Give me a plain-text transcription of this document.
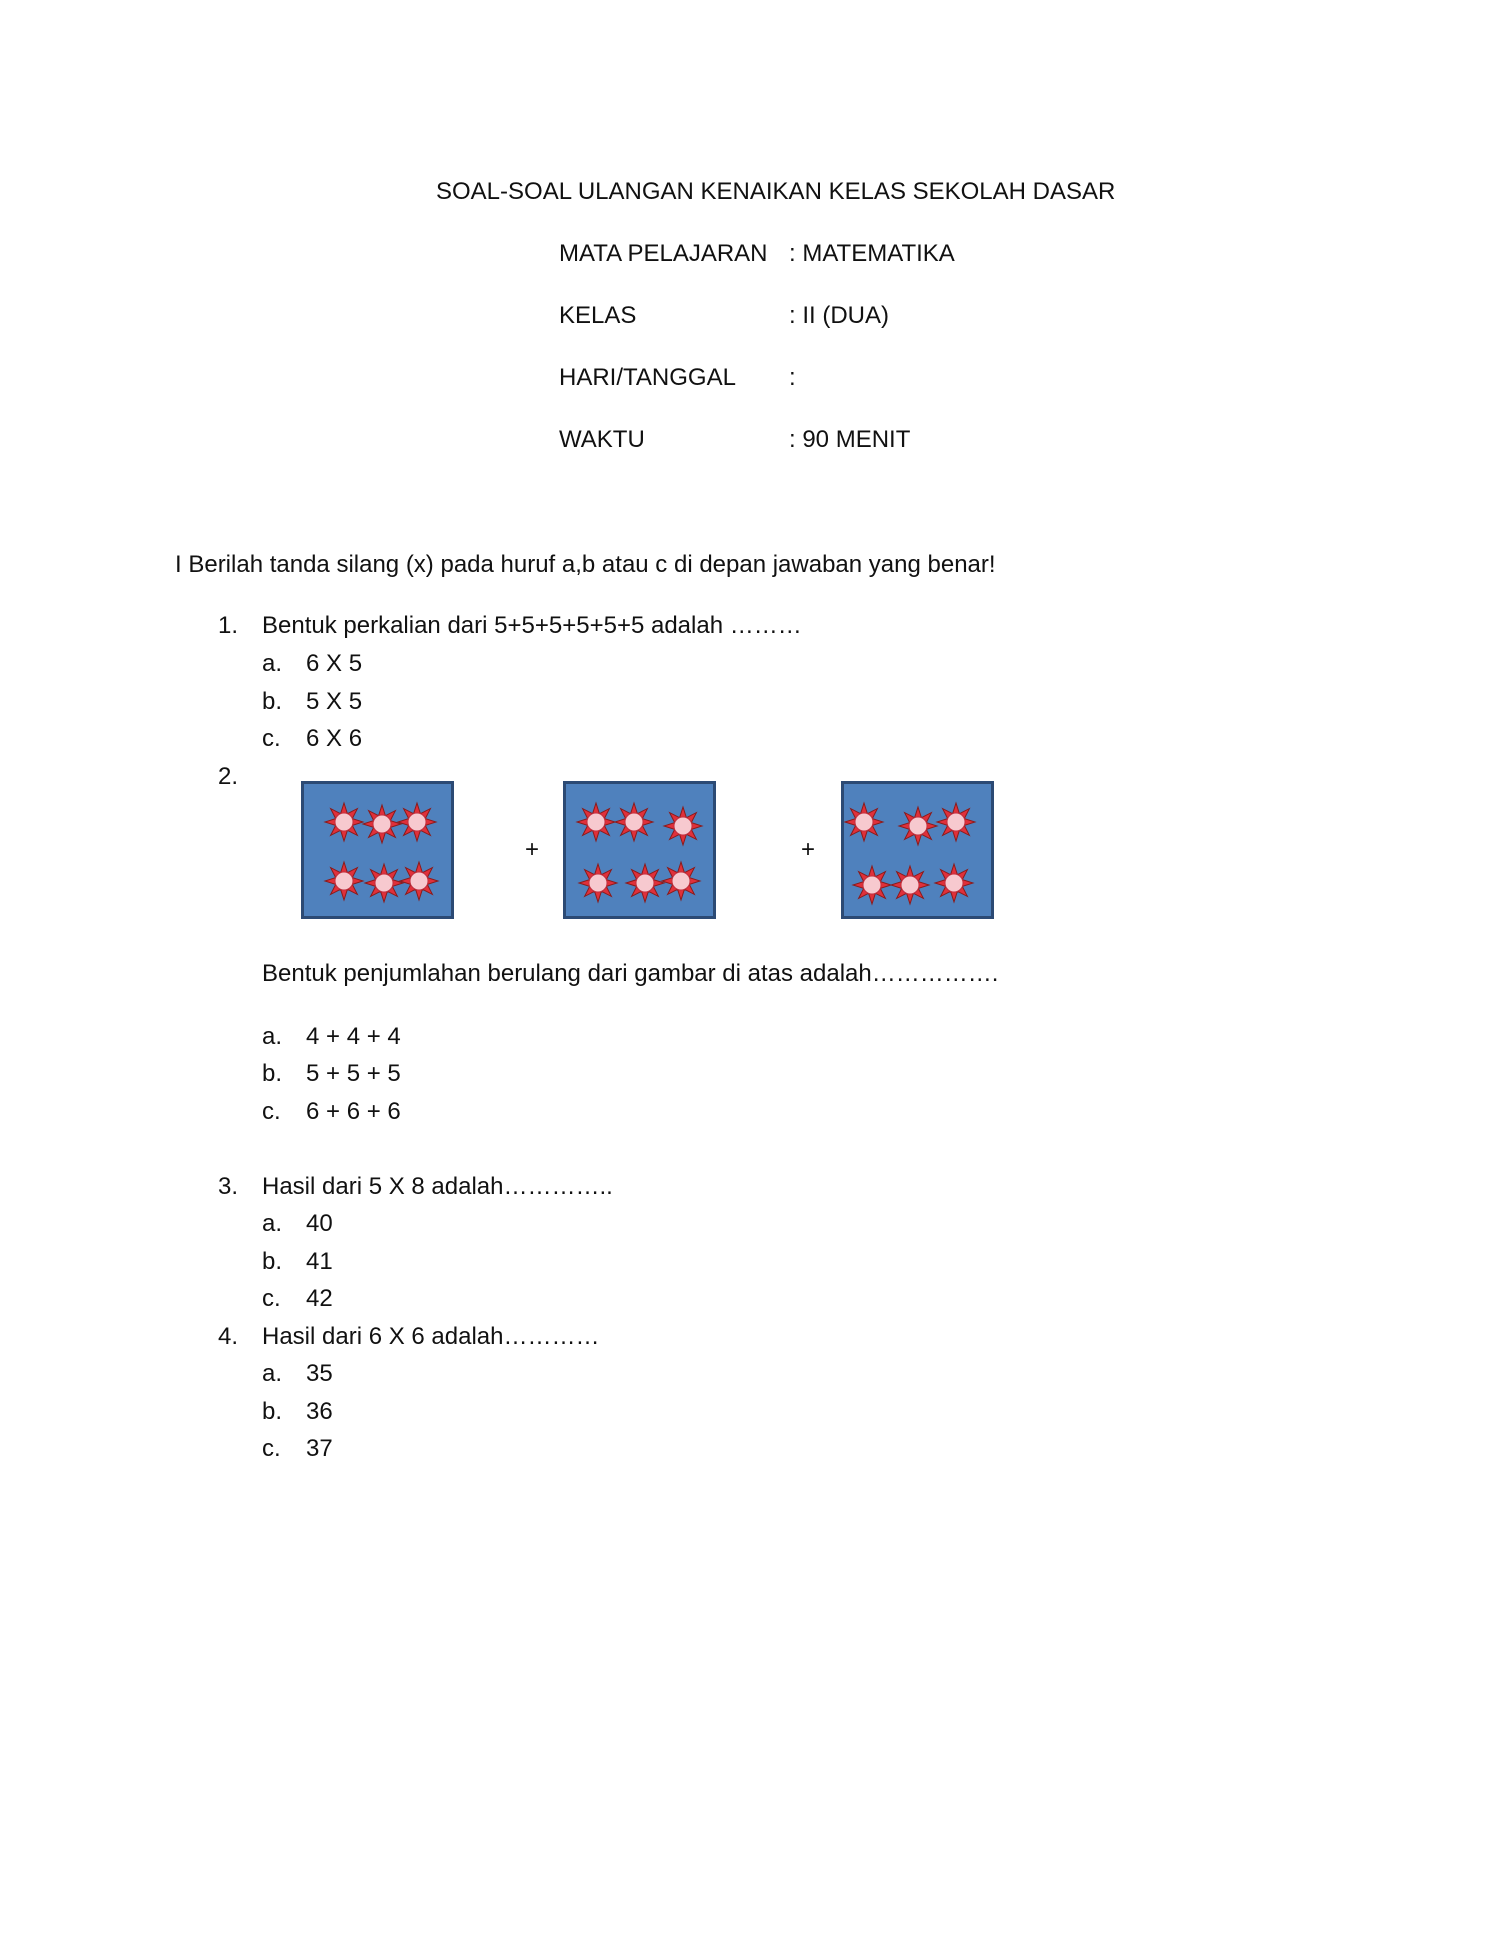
SOAL-SOAL ULANGAN KENAIKAN KELAS SEKOLAH DASAR
MATA PELAJARAN : MATEMATIKA
KELAS	: II (DUA)
HARI/TANGGAL :
WAKTU	: 90 MENIT
I Berilah tanda silang (x) pada huruf a,b atau c di depan jawaban yang benar!
1. Bentuk perkalian dari 5+5+5+5+5+5 adalah ………
a. 6 X 5
b. 5 X 5
c. 6 X 6
2.
+	+
Bentuk penjumlahan berulang dari gambar di atas adalah…………….
a. 4 + 4 + 4
b. 5 + 5 + 5
c. 6 + 6 + 6
3. Hasil dari 5 X 8 adalah…………..
a. 40
b. 41
c. 42
4. Hasil dari 6 X 6 adalah…………
a. 35
b. 36
c. 37
